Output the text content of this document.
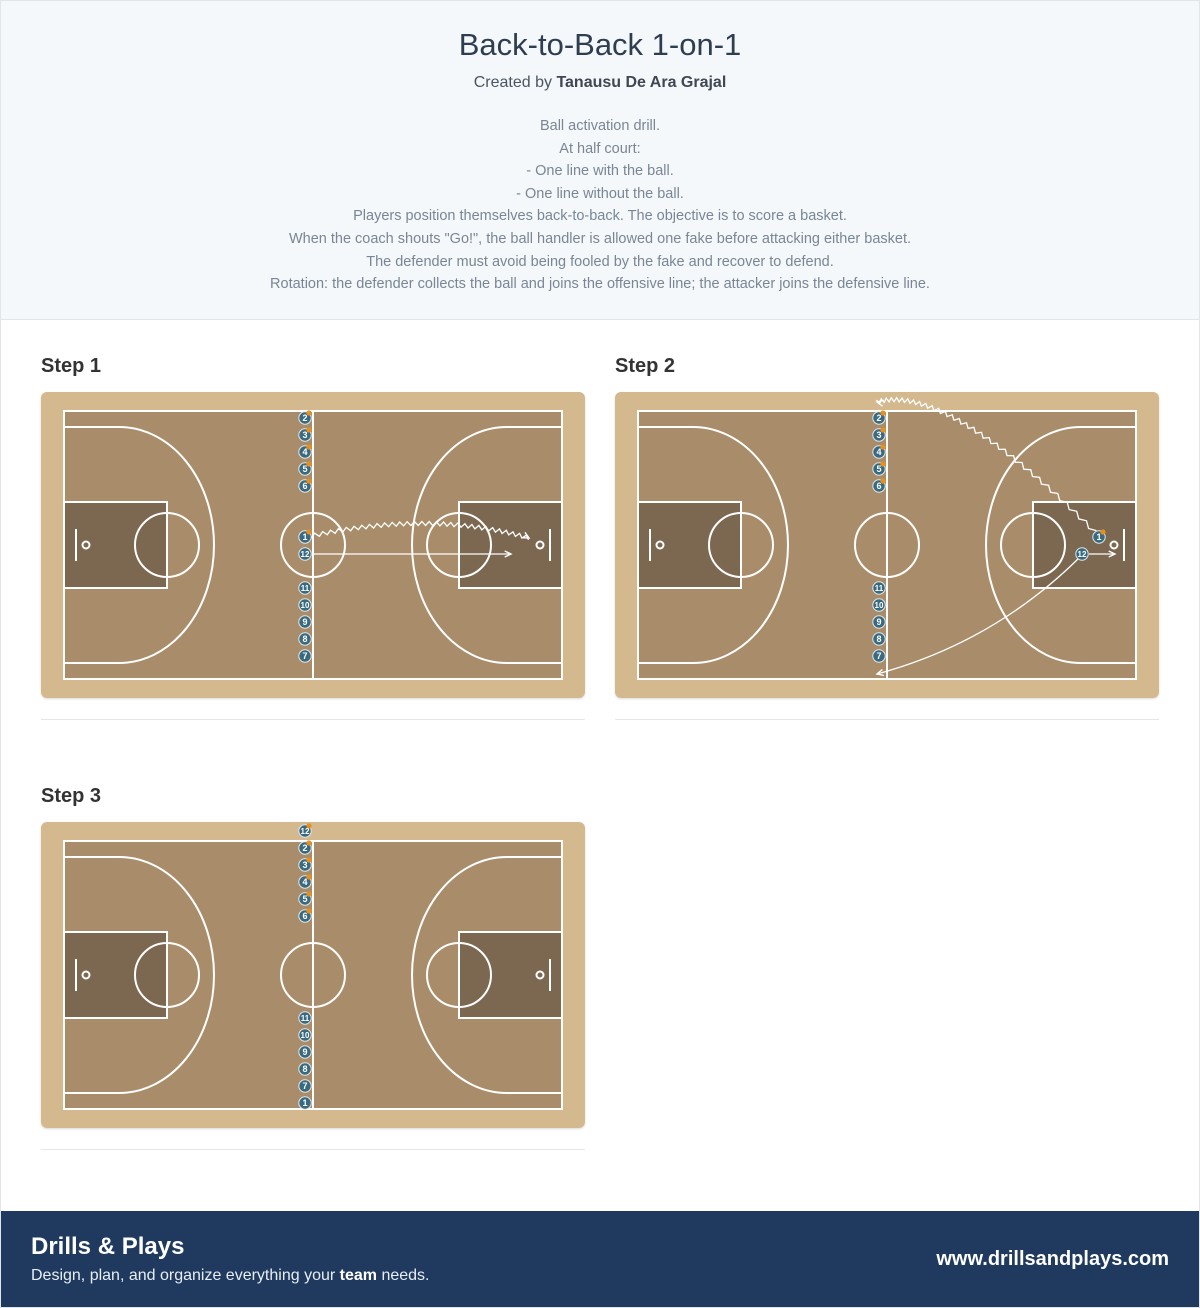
Back-to-Back 1-on-1
Created by Tanausu De Ara Grajal
Ball activation drill.
At half court:
- One line with the ball.
- One line without the ball.
Players position themselves back-to-back. The objective is to score a basket.
When the coach shouts "Go!", the ball handler is allowed one fake before attacking either basket.
The defender must avoid being fooled by the fake and recover to defend.
Rotation: the defender collects the ball and joins the offensive line; the attacker joins the defensive line.
Step 1
2
3
4
5
6
1
12
11
10
9
8
7
Step 2
2
3
4
5
6
1
12
11
10
9
8
7
Step 3
12
2
3
4
5
6
11
10
9
8
7
1
Drills & Plays
Design, plan, and organize everything your team needs.
www.drillsandplays.com
